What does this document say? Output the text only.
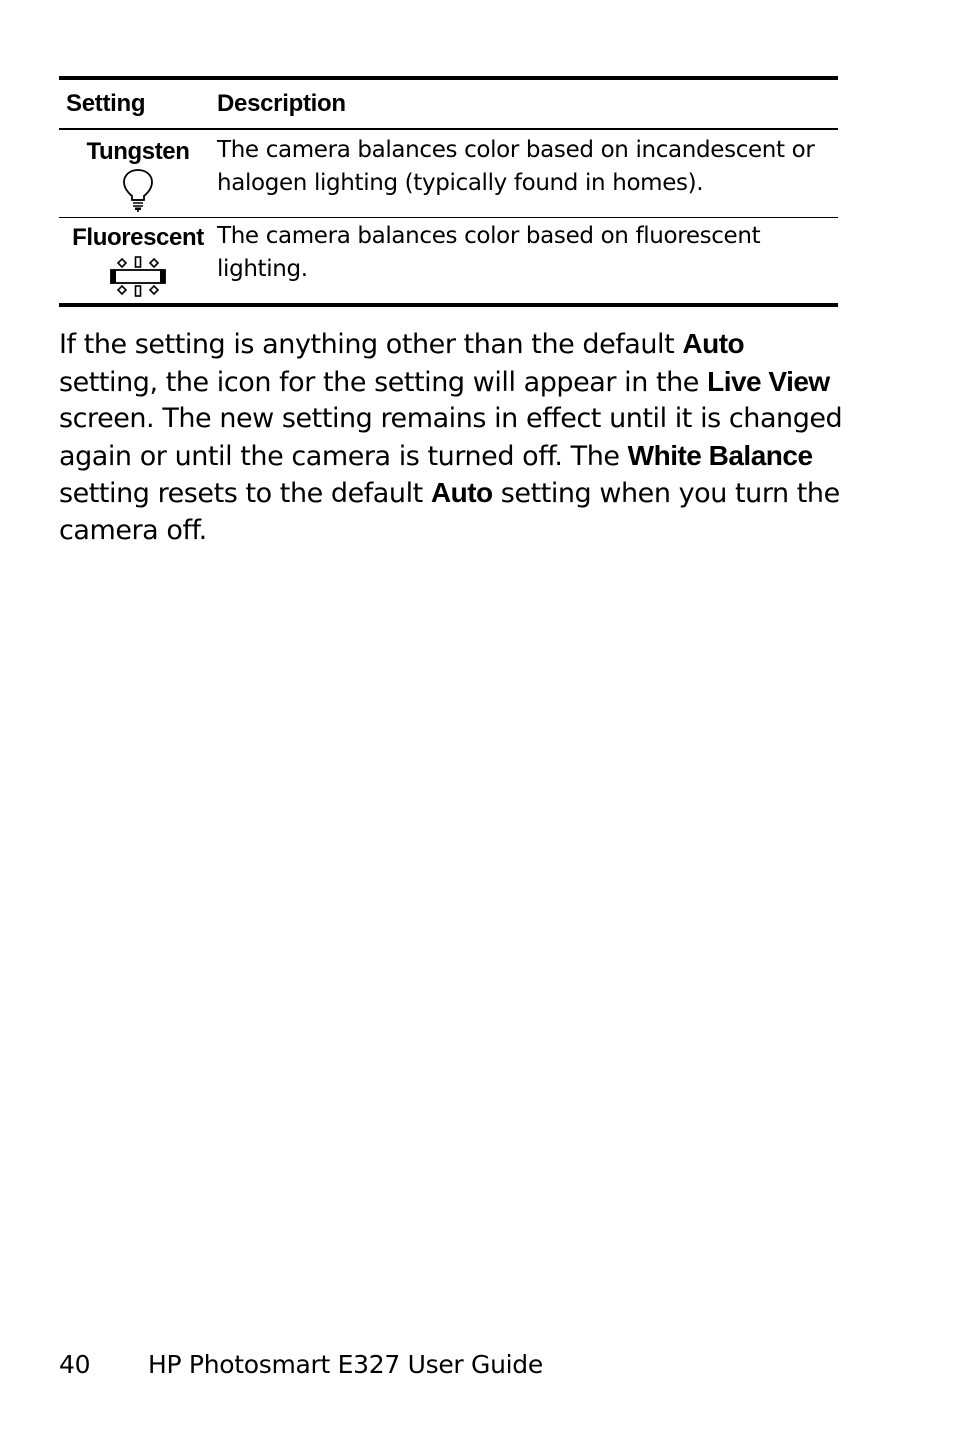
Setting	Description
Tungsten The camera balances color based on incandescent or
halogen lighting (typically found in homes).
Fluorescent The camera balances color based on fluorescent
lighting.

If the setting is anything other than the default Auto setting, the icon for the setting will appear in the Live View screen. The new setting remains in effect until it is changed again or until the camera is turned off. The White Balance setting resets to the default Auto setting when you turn the camera off.

40	HP Photosmart E327 User Guide
